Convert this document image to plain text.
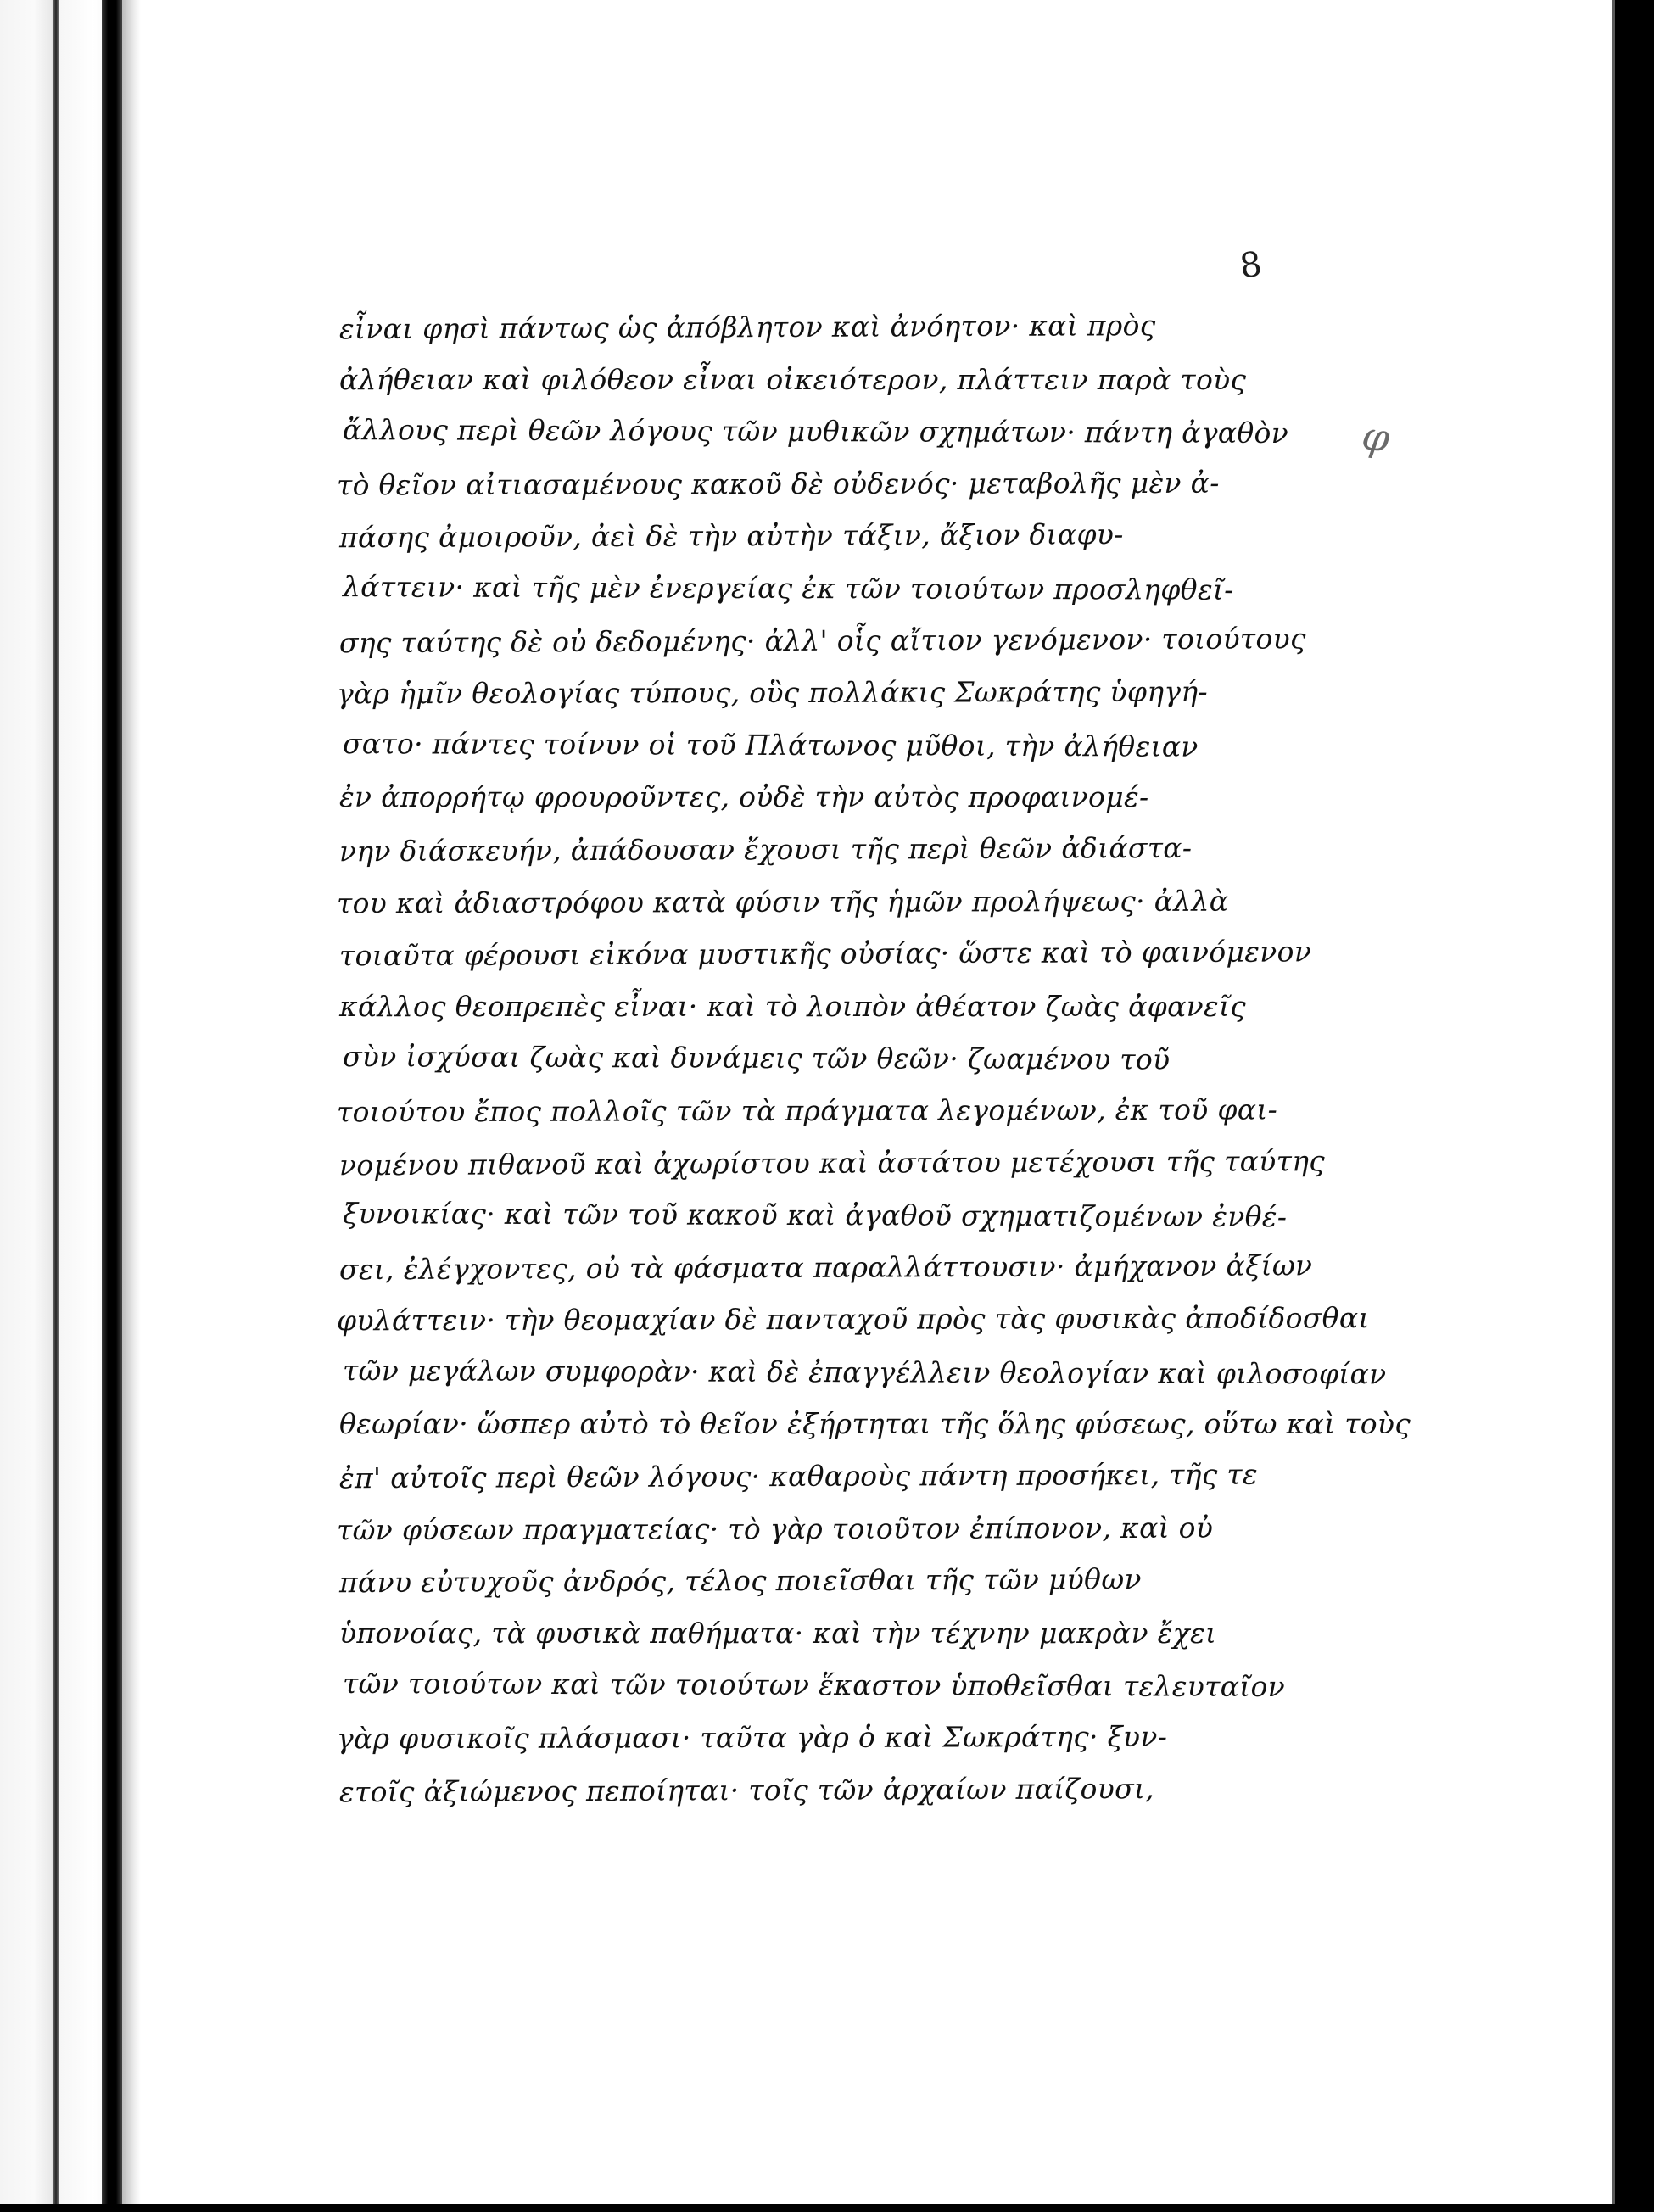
8
φ
εἶναι φησὶ πάντως ὡς ἀπόβλητον καὶ ἀνόητον· καὶ πρὸς
ἀλήθειαν καὶ φιλόθεον εἶναι οἰκειότερον, πλάττειν παρὰ τοὺς
ἄλλους περὶ θεῶν λόγους τῶν μυθικῶν σχημάτων· πάντη ἀγαθὸν
τὸ θεῖον αἰτιασαμένους κακοῦ δὲ οὐδενός· μεταβολῆς μὲν ἀ-
πάσης ἀμοιροῦν, ἀεὶ δὲ τὴν αὐτὴν τάξιν, ἄξιον διαφυ-
λάττειν· καὶ τῆς μὲν ἐνεργείας ἐκ τῶν τοιούτων προσληφθεῖ-
σης ταύτης δὲ οὐ δεδομένης· ἀλλ' οἷς αἴτιον γενόμενον· τοιούτους
γὰρ ἡμῖν θεολογίας τύπους, οὓς πολλάκις Σωκράτης ὑφηγή-
σατο· πάντες τοίνυν οἱ τοῦ Πλάτωνος μῦθοι, τὴν ἀλήθειαν
ἐν ἀπορρήτῳ φρουροῦντες, οὐδὲ τὴν αὐτὸς προφαινομέ-
νην διάσκευήν, ἀπάδουσαν ἔχουσι τῆς περὶ θεῶν ἀδιάστα-
του καὶ ἀδιαστρόφου κατὰ φύσιν τῆς ἡμῶν προλήψεως· ἀλλὰ
τοιαῦτα φέρουσι εἰκόνα μυστικῆς οὐσίας· ὥστε καὶ τὸ φαινόμενον
κάλλος θεοπρεπὲς εἶναι· καὶ τὸ λοιπὸν ἀθέατον ζωὰς ἀφανεῖς
σὺν ἰσχύσαι ζωὰς καὶ δυνάμεις τῶν θεῶν· ζωαμένου τοῦ
τοιούτου ἔπος πολλοῖς τῶν τὰ πράγματα λεγομένων, ἐκ τοῦ φαι-
νομένου πιθανοῦ καὶ ἀχωρίστου καὶ ἀστάτου μετέχουσι τῆς ταύτης
ξυνοικίας· καὶ τῶν τοῦ κακοῦ καὶ ἀγαθοῦ σχηματιζομένων ἐνθέ-
σει, ἐλέγχοντες, οὐ τὰ φάσματα παραλλάττουσιν· ἀμήχανον ἀξίων
φυλάττειν· τὴν θεομαχίαν δὲ πανταχοῦ πρὸς τὰς φυσικὰς ἀποδίδοσθαι
τῶν μεγάλων συμφορὰν· καὶ δὲ ἐπαγγέλλειν θεολογίαν καὶ φιλοσοφίαν
θεωρίαν· ὥσπερ αὐτὸ τὸ θεῖον ἐξήρτηται τῆς ὅλης φύσεως, οὕτω καὶ τοὺς
ἐπ' αὐτοῖς περὶ θεῶν λόγους· καθαροὺς πάντη προσήκει, τῆς τε
τῶν φύσεων πραγματείας· τὸ γὰρ τοιοῦτον ἐπίπονον, καὶ οὐ
πάνυ εὐτυχοῦς ἀνδρός, τέλος ποιεῖσθαι τῆς τῶν μύθων
ὑπονοίας, τὰ φυσικὰ παθήματα· καὶ τὴν τέχνην μακρὰν ἔχει
τῶν τοιούτων καὶ τῶν τοιούτων ἕκαστον ὑποθεῖσθαι τελευταῖον
γὰρ φυσικοῖς πλάσμασι· ταῦτα γὰρ ὁ καὶ Σωκράτης· ξυν-
ετοῖς ἀξιώμενος πεποίηται· τοῖς τῶν ἀρχαίων παίζουσι,
